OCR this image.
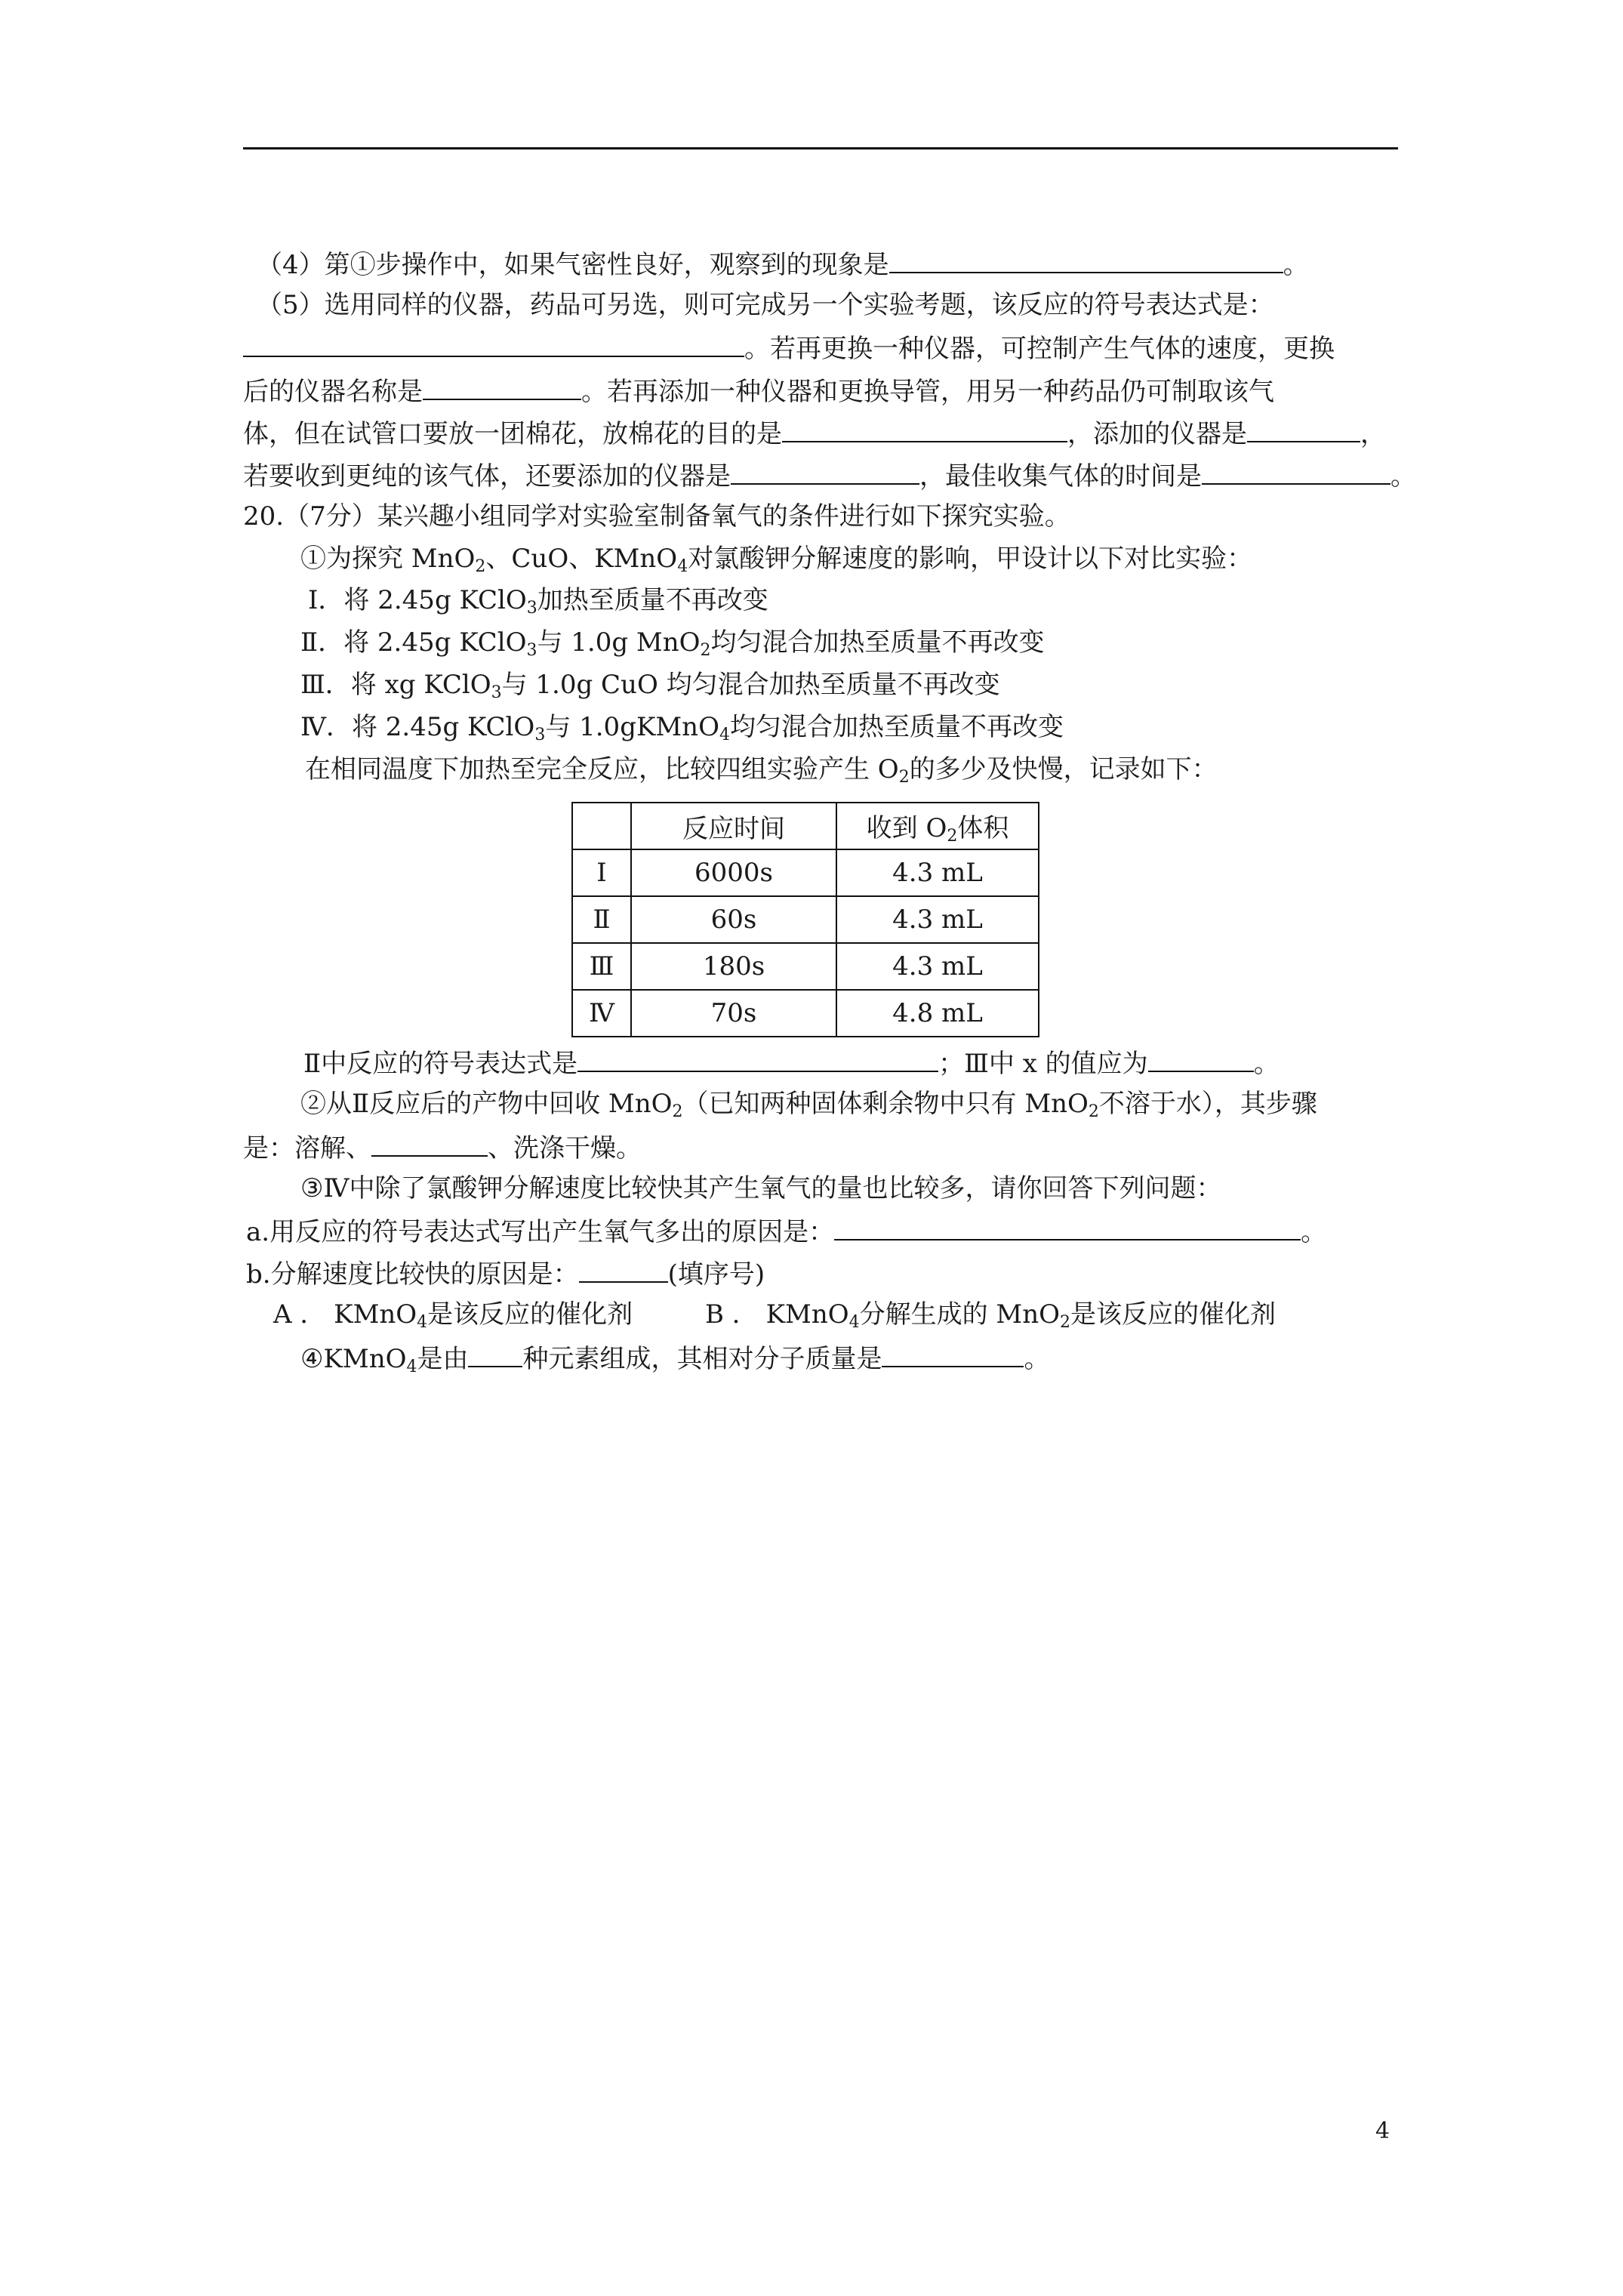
（4）第①步操作中，如果气密性良好，观察到的现象是	。
（5）选用同样的仪器，药品可另选，则可完成另一个实验考题，该反应的符号表达式是：
。若再更换一种仪器，可控制产生气体的速度，更换
后的仪器名称是	。若再添加一种仪器和更换导管，用另一种药品仍可制取该气
体，但在试管口要放一团棉花，放棉花的目的是	，添加的仪器是	，
若要收到更纯的该气体，还要添加的仪器是	，最佳收集气体的时间是	。
20.（7分）某兴趣小组同学对实验室制备氧气的条件进行如下探究实验。
①为探究 MnO$_2$、CuO、KMnO$_4$对氯酸钾分解速度的影响，甲设计以下对比实验：
Ⅰ．将 2.45g KClO$_3$加热至质量不再改变
Ⅱ．将 2.45g KClO$_3$与 1.0g MnO$_2$均匀混合加热至质量不再改变
Ⅲ．将 xg KClO$_3$与 1.0g CuO 均匀混合加热至质量不再改变
Ⅳ．将 2.45g KClO$_3$与 1.0gKMnO$_4$均匀混合加热至质量不再改变
在相同温度下加热至完全反应，比较四组实验产生 $O_2$的多少及快慢，记录如下：
	反应时间	收到 $O_2$体积
Ⅰ	6000s	4.3 mL
Ⅱ	60s	4.3 mL
Ⅲ	180s	4.3 mL
Ⅳ	70s	4.8 mL
Ⅱ中反应的符号表达式是	；Ⅲ中 x 的值应为	。
②从Ⅱ反应后的产物中回收 MnO$_2$（已知两种固体剩余物中只有 MnO$_2$不溶于水），其步骤
是：溶解、	、洗涤干燥。
③Ⅳ中除了氯酸钾分解速度比较快其产生氧气的量也比较多，请你回答下列问题：
a.用反应的符号表达式写出产生氧气多出的原因是：	。
b.分解速度比较快的原因是：	(填序号)
A ． KMnO$_4$是该反应的催化剂	B ． KMnO$_4$分解生成的 MnO$_2$是该反应的催化剂
④KMnO$_4$是由 种元素组成，其相对分子质量是	。
4
